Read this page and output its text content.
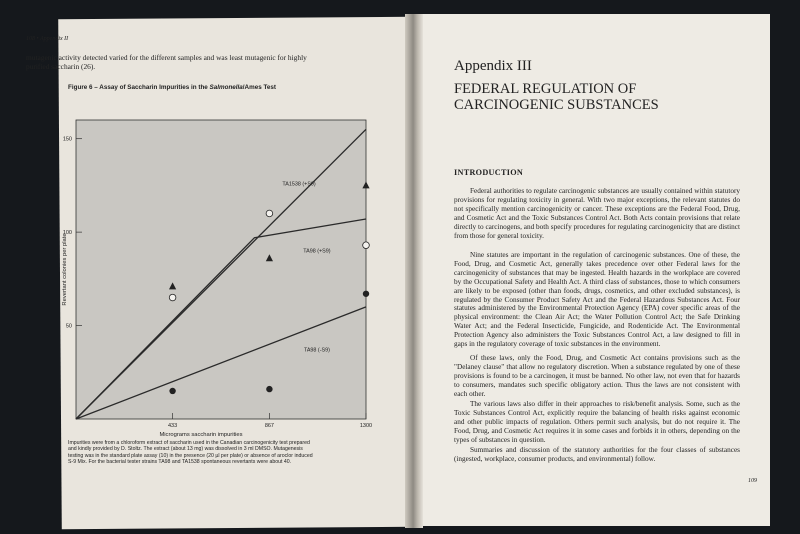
108 • Appendix II
mutagenic activity detected varied for the different samples and was least mutagenic for highly purified saccharin (26).
Figure 6 – Assay of Saccharin Impurities in the Salmonella/Ames Test
50
100
150
433	867	1300
Micrograms saccharin impurities
Revertant colonies per plate
TA1538 (+S9)
TA98 (+S9)
TA98 (-S9)
Impurities were from a chloroform extract of saccharin used in the Canadian carcinogenicity test prepared and kindly provided by D. Stoltz. The extract (about 13 mg) was dissolved in 3 ml DMSO. Mutagenesis testing was in the standard plate assay (10) in the presence (20 µl per plate) or absence of aroclor induced S-9 Mix. For the bacterial tester strains TA98 and TA1538 spontaneous revertants were about 40.
Appendix III
FEDERAL REGULATION OF CARCINOGENIC SUBSTANCES
INTRODUCTION
Federal authorities to regulate carcinogenic substances are usually contained within statutory provisions for regulating toxicity in general. With two major exceptions, the relevant statutes do not specifically mention carcinogenicity or cancer. These exceptions are the Federal Food, Drug, and Cosmetic Act and the Toxic Substances Control Act. Both Acts contain provisions that relate directly to carcinogens, and both specify procedures for regulating carcinogenicity that are distinct from those for general toxicity.
Nine statutes are important in the regulation of carcinogenic substances. One of these, the Food, Drug, and Cosmetic Act, generally takes precedence over other Federal laws for the carcinogenicity of substances that may be ingested. Health hazards in the workplace are covered by the Occupational Safety and Health Act. A third class of substances, those to which consumers are likely to be exposed (other than foods, drugs, cosmetics, and other excluded substances), is regulated by the Consumer Product Safety Act and the Federal Hazardous Substances Act. Four statutes administered by the Environmental Protection Agency (EPA) cover specific areas of the physical environment: the Clean Air Act; the Water Pollution Control Act; the Safe Drinking Water Act; and the Federal Insecticide, Fungicide, and Rodenticide Act. The Environmental Protection Agency also administers the Toxic Substances Control Act, a law designed to fill in gaps in the regulatory coverage of toxic substances in the environment.
Of these laws, only the Food, Drug, and Cosmetic Act contains provisions such as the "Delaney clause" that allow no regulatory discretion. When a substance regulated by one of these provisions is found to be a carcinogen, it must be banned. No other law, not even that for hazards to consumers, mandates such specific obligatory action. Thus the laws are not consistent with each other.
The various laws also differ in their approaches to risk/benefit analysis. Some, such as the Toxic Substances Control Act, explicitly require the balancing of health risks against economic and other public impacts of regulation. Others permit such analysis, but do not require it. The Food, Drug, and Cosmetic Act requires it in some cases and forbids it in others, depending on the types of substances in question.
Summaries and discussion of the statutory authorities for the four classes of substances (ingested, workplace, consumer products, and environmental) follow.
109
